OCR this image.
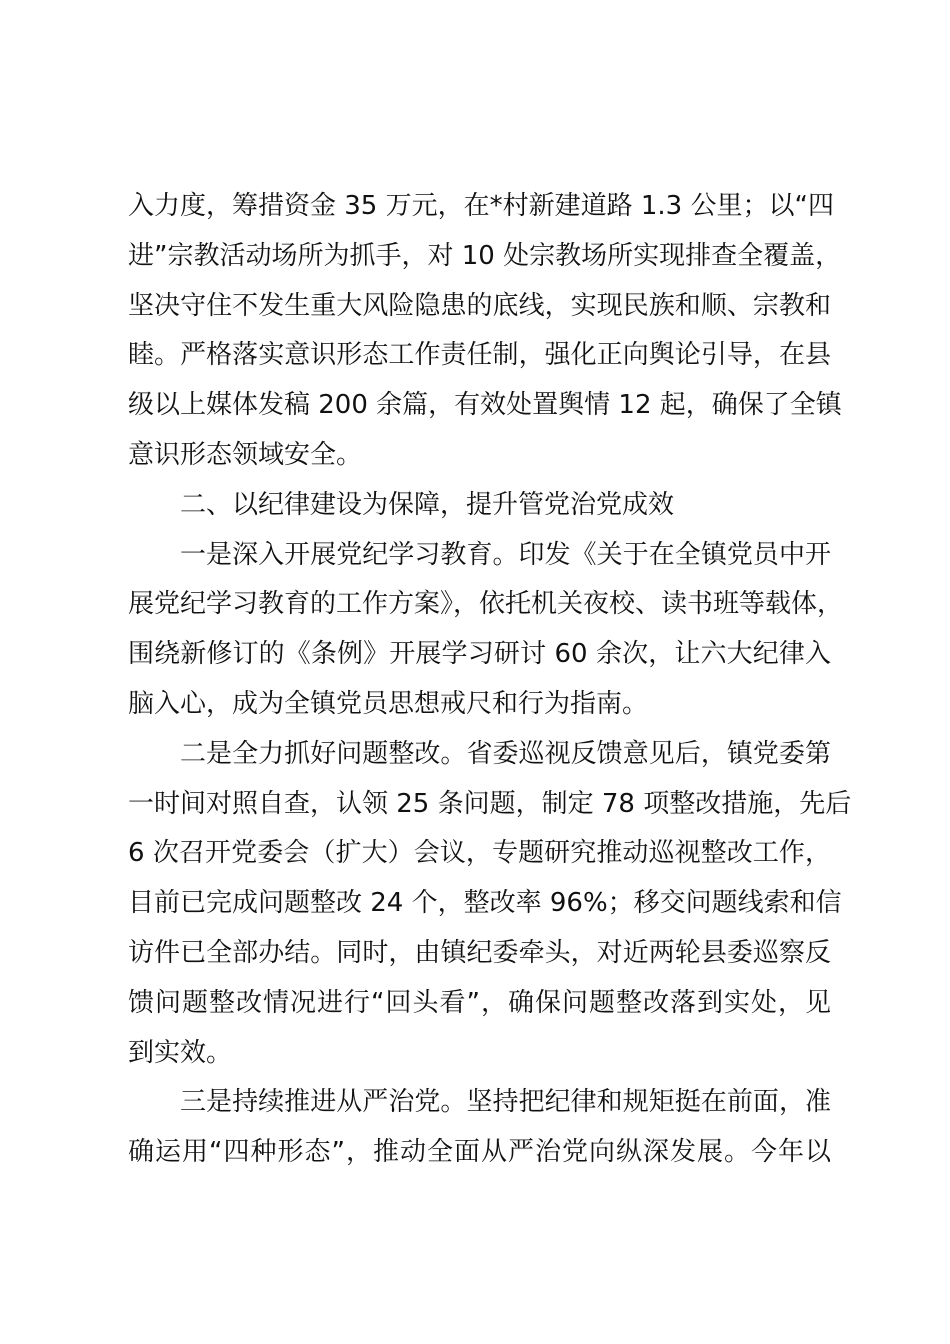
入力度，筹措资金 35 万元，在*村新建道路 1.3 公里；以“四
进”宗教活动场所为抓手，对 10 处宗教场所实现排查全覆盖，
坚决守住不发生重大风险隐患的底线，实现民族和顺、宗教和
睦。严格落实意识形态工作责任制，强化正向舆论引导，在县
级以上媒体发稿 200 余篇，有效处置舆情 12 起，确保了全镇
意识形态领域安全。
二、以纪律建设为保障，提升管党治党成效
一是深入开展党纪学习教育。印发《关于在全镇党员中开
展党纪学习教育的工作方案》，依托机关夜校、读书班等载体，
围绕新修订的《条例》开展学习研讨 60 余次，让六大纪律入
脑入心，成为全镇党员思想戒尺和行为指南。
二是全力抓好问题整改。省委巡视反馈意见后，镇党委第
一时间对照自查，认领 25 条问题，制定 78 项整改措施，先后
6 次召开党委会（扩大）会议，专题研究推动巡视整改工作，
目前已完成问题整改 24 个，整改率 96%；移交问题线索和信
访件已全部办结。同时，由镇纪委牵头，对近两轮县委巡察反
馈问题整改情况进行“回头看”，确保问题整改落到实处，见
到实效。
三是持续推进从严治党。坚持把纪律和规矩挺在前面，准
确运用“四种形态”，推动全面从严治党向纵深发展。今年以
